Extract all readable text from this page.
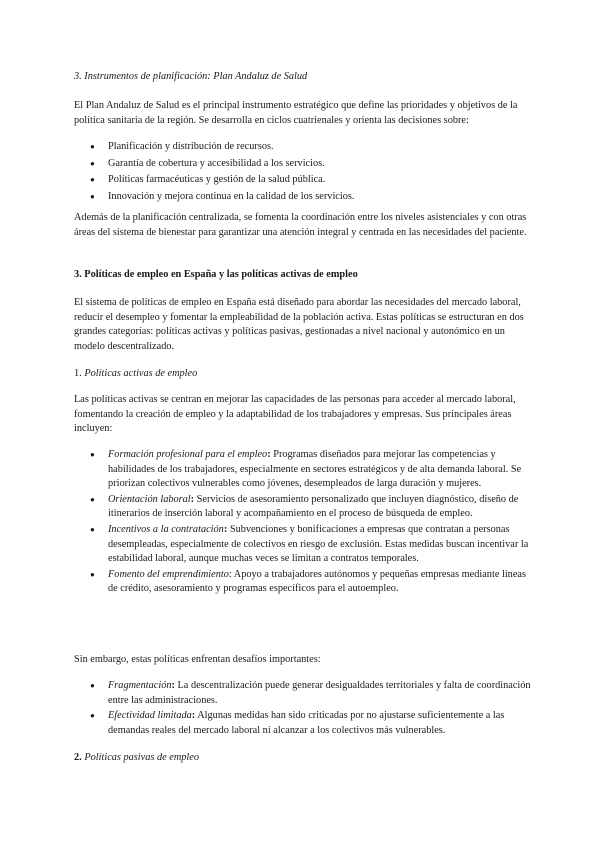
3. Instrumentos de planificación: Plan Andaluz de Salud

El Plan Andaluz de Salud es el principal instrumento estratégico que define las prioridades y objetivos de la política sanitaria de la región. Se desarrolla en ciclos cuatrienales y orienta las decisiones sobre:

● Planificación y distribución de recursos.
● Garantía de cobertura y accesibilidad a los servicios.
● Políticas farmacéuticas y gestión de la salud pública.
● Innovación y mejora continua en la calidad de los servicios.

Además de la planificación centralizada, se fomenta la coordinación entre los niveles asistenciales y con otras áreas del sistema de bienestar para garantizar una atención integral y centrada en las necesidades del paciente.

3. Políticas de empleo en España y las políticas activas de empleo

El sistema de políticas de empleo en España está diseñado para abordar las necesidades del mercado laboral, reducir el desempleo y fomentar la empleabilidad de la población activa. Estas políticas se estructuran en dos grandes categorías: políticas activas y políticas pasivas, gestionadas a nivel nacional y autonómico en un modelo descentralizado.

1. Políticas activas de empleo

Las políticas activas se centran en mejorar las capacidades de las personas para acceder al mercado laboral, fomentando la creación de empleo y la adaptabilidad de los trabajadores y empresas. Sus principales áreas incluyen:

● Formación profesional para el empleo: Programas diseñados para mejorar las competencias y habilidades de los trabajadores, especialmente en sectores estratégicos y de alta demanda laboral. Se priorizan colectivos vulnerables como jóvenes, desempleados de larga duración y mujeres.
● Orientación laboral: Servicios de asesoramiento personalizado que incluyen diagnóstico, diseño de itinerarios de inserción laboral y acompañamiento en el proceso de búsqueda de empleo.
● Incentivos a la contratación: Subvenciones y bonificaciones a empresas que contratan a personas desempleadas, especialmente de colectivos en riesgo de exclusión. Estas medidas buscan incentivar la estabilidad laboral, aunque muchas veces se limitan a contratos temporales.
● Fomento del emprendimiento: Apoyo a trabajadores autónomos y pequeñas empresas mediante líneas de crédito, asesoramiento y programas específicos para el autoempleo.

Sin embargo, estas políticas enfrentan desafíos importantes:

● Fragmentación: La descentralización puede generar desigualdades territoriales y falta de coordinación entre las administraciones.
● Efectividad limitada: Algunas medidas han sido criticadas por no ajustarse suficientemente a las demandas reales del mercado laboral ni alcanzar a los colectivos más vulnerables.

2. Políticas pasivas de empleo
